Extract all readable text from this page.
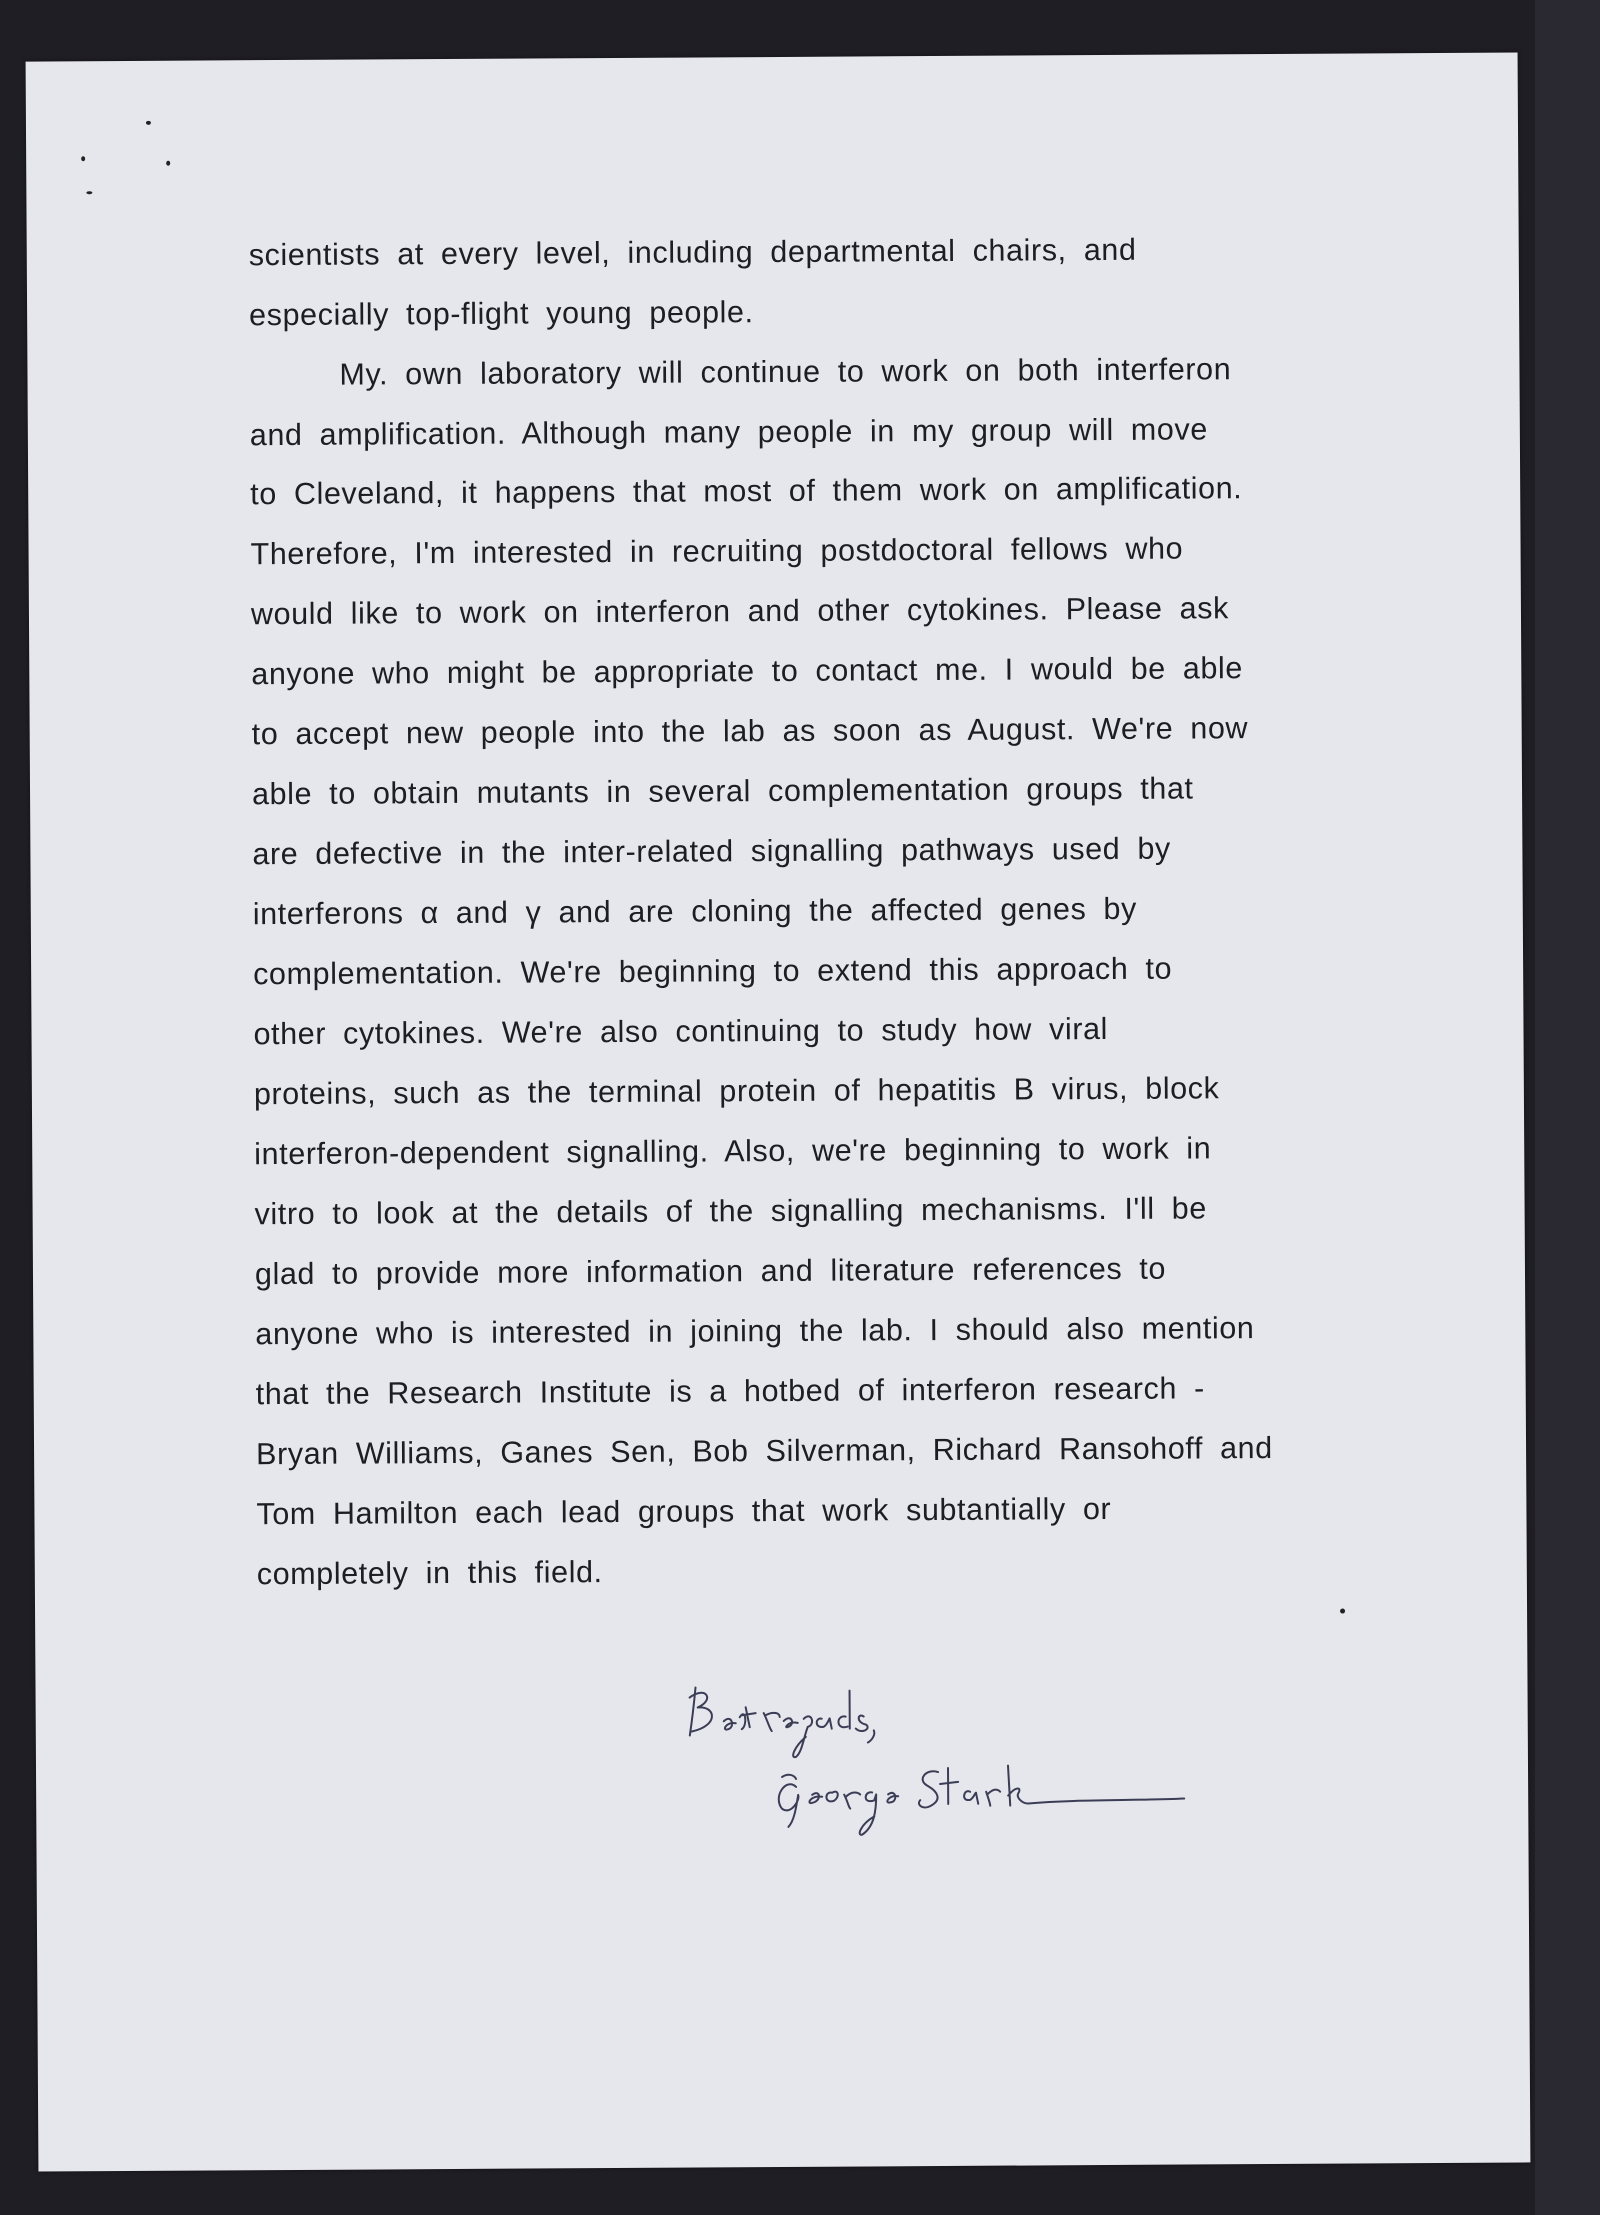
scientists at every level, including departmental chairs, and
especially top-flight young people.
My. own laboratory will continue to work on both interferon
and amplification. Although many people in my group will move
to Cleveland, it happens that most of them work on amplification.
Therefore, I'm interested in recruiting postdoctoral fellows who
would like to work on interferon and other cytokines. Please ask
anyone who might be appropriate to contact me. I would be able
to accept new people into the lab as soon as August. We're now
able to obtain mutants in several complementation groups that
are defective in the inter-related signalling pathways used by
interferons α and γ and are cloning the affected genes by
complementation. We're beginning to extend this approach to
other cytokines. We're also continuing to study how viral
proteins, such as the terminal protein of hepatitis B virus, block
interferon-dependent signalling. Also, we're beginning to work in
vitro to look at the details of the signalling mechanisms. I'll be
glad to provide more information and literature references to
anyone who is interested in joining the lab. I should also mention
that the Research Institute is a hotbed of interferon research -
Bryan Williams, Ganes Sen, Bob Silverman, Richard Ransohoff and
Tom Hamilton each lead groups that work subtantially or
completely in this field.
